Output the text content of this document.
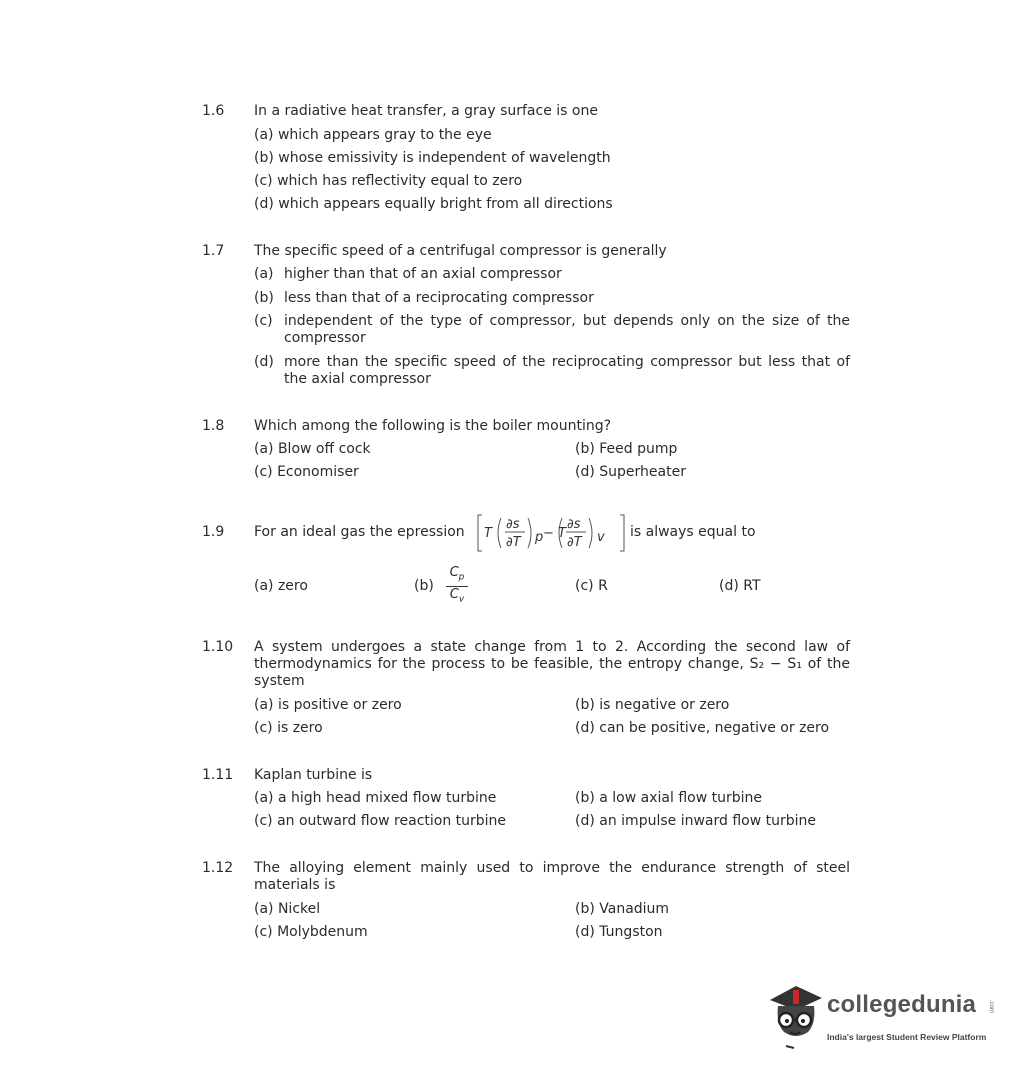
1.6 In a radiative heat transfer, a gray surface is one
(a) which appears gray to the eye
(b) whose emissivity is independent of wavelength
(c) which has reflectivity equal to zero
(d) which appears equally bright from all directions
1.7 The specific speed of a centrifugal compressor is generally
(a) higher than that of an axial compressor
(b) less than that of a reciprocating compressor
(c) independent of the type of compressor, but depends only on the size of the compressor
(d) more than the specific speed of the reciprocating compressor but less that of the axial compressor
1.8 Which among the following is the boiler mounting?
(a) Blow off cock	(b) Feed pump
(c) Economiser	(d) Superheater
1.9 For an ideal gas the epression T
∂s
∂T p − T
∂s
∂T v is always equal to
(a) zero	(b)
$C_p$
$C_v$
(c) R	(d) RT
1.10 A system undergoes a state change from 1 to 2. According the second law of thermodynamics for the process to be feasible, the entropy change, S₂ − S₁ of the system
(a) is positive or zero	(b) is negative or zero
(c) is zero	(d) can be positive, negative or zero
1.11 Kaplan turbine is
(a) a high head mixed flow turbine	(b) a low axial flow turbine
(c) an outward flow reaction turbine	(d) an impulse inward flow turbine
1.12 The alloying element mainly used to improve the endurance strength of steel materials is
(a) Nickel	(b) Vanadium
(c) Molybdenum	(d) Tungston
collegedunia	.com
India's largest Student Review Platform
